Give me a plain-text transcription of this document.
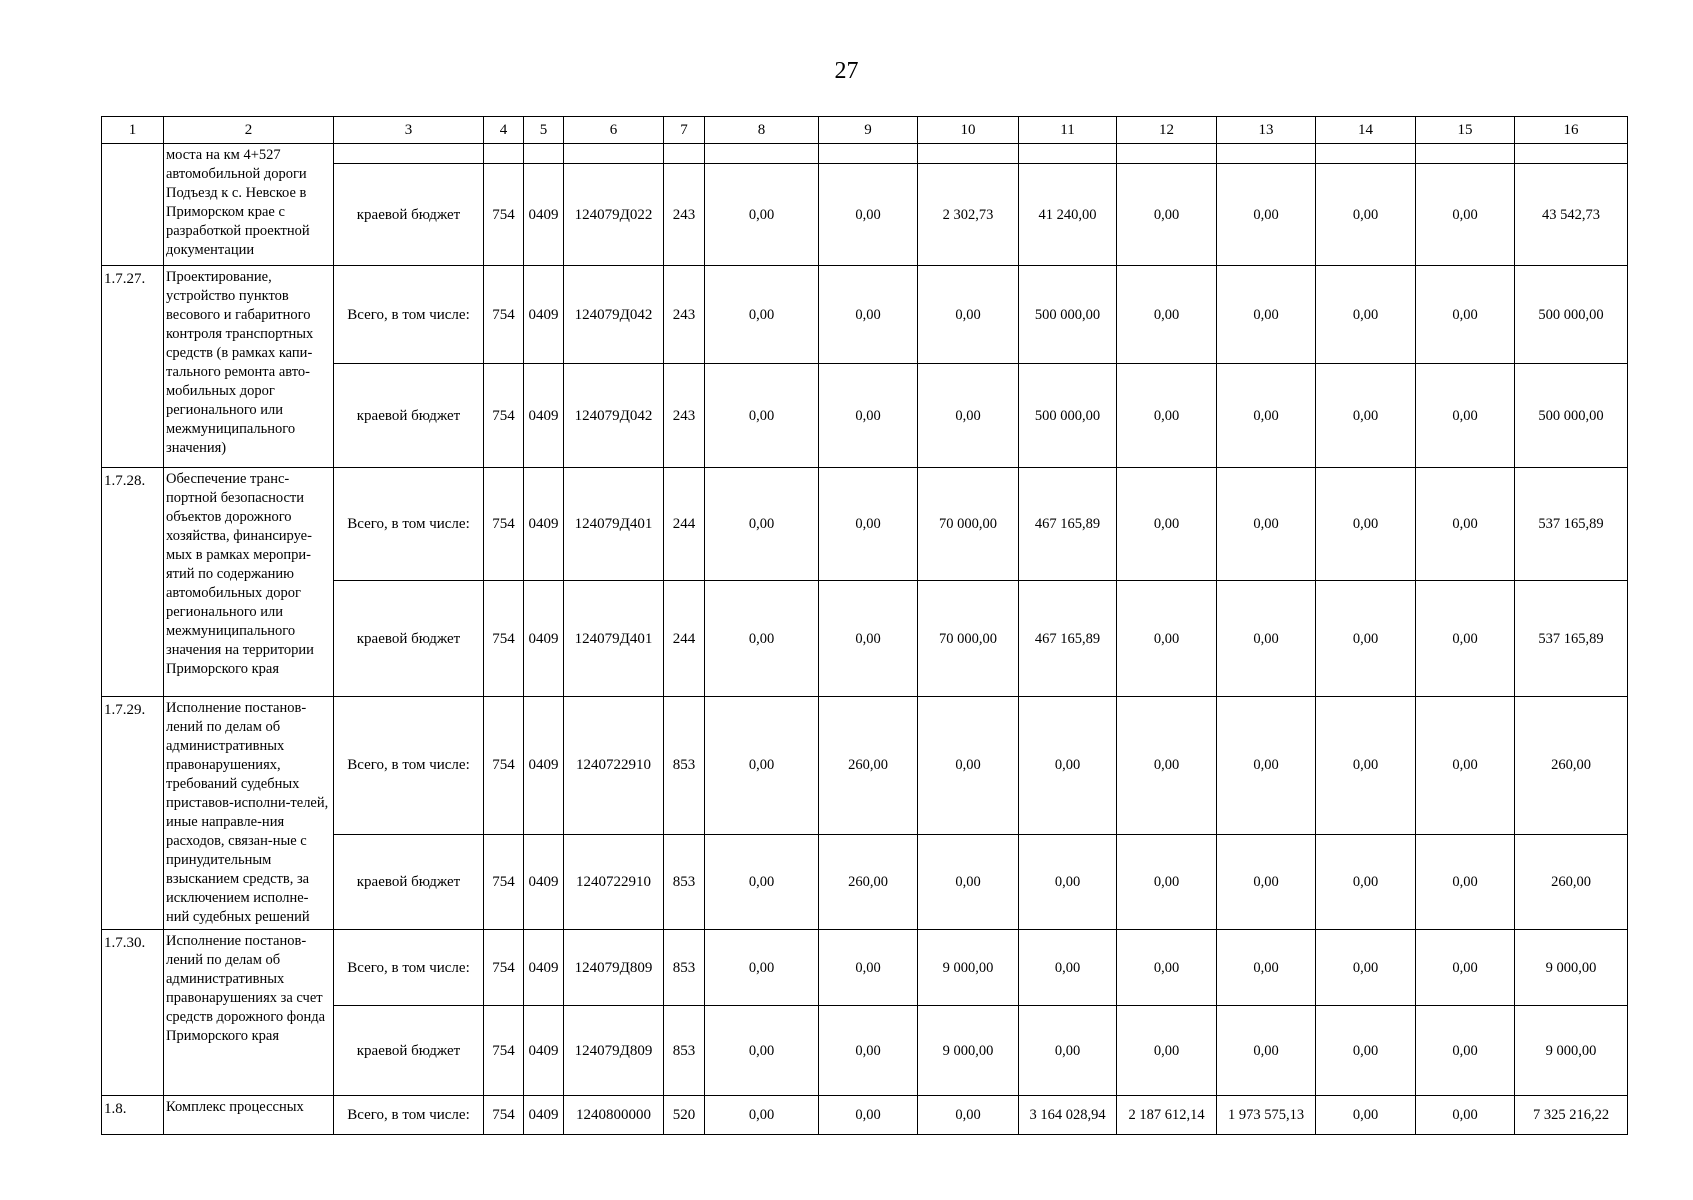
27
1	2	3	4	5	6	7	8	9	10	11	12	13	14	15	16
	моста на км 4+527 автомобильной дороги Подъезд к с. Невское в Приморском крае с разработкой проектной документации														
		краевой бюджет	754	0409	124079Д022	243	0,00	0,00	2 302,73	41 240,00	0,00	0,00	0,00	0,00	43 542,73
1.7.27.	Проектирование, устройство пунктов весового и габаритного контроля транспортных средств (в рамках капи-тального ремонта авто-мобильных дорог регионального или межмуниципального значения)	Всего, в том числе:	754	0409	124079Д042	243	0,00	0,00	0,00	500 000,00	0,00	0,00	0,00	0,00	500 000,00
		краевой бюджет	754	0409	124079Д042	243	0,00	0,00	0,00	500 000,00	0,00	0,00	0,00	0,00	500 000,00
1.7.28.	Обеспечение транс-портной безопасности объектов дорожного хозяйства, финансируе-мых в рамках меропри-ятий по содержанию автомобильных дорог регионального или межмуниципального значения на территории Приморского края	Всего, в том числе:	754	0409	124079Д401	244	0,00	0,00	70 000,00	467 165,89	0,00	0,00	0,00	0,00	537 165,89
		краевой бюджет	754	0409	124079Д401	244	0,00	0,00	70 000,00	467 165,89	0,00	0,00	0,00	0,00	537 165,89
1.7.29.	Исполнение постанов-лений по делам об административных правонарушениях, требований судебных приставов-исполни-телей, иные направле-ния расходов, связан-ные с принудительным взысканием средств, за исключением исполне-ний судебных решений	Всего, в том числе:	754	0409	1240722910	853	0,00	260,00	0,00	0,00	0,00	0,00	0,00	0,00	260,00
		краевой бюджет	754	0409	1240722910	853	0,00	260,00	0,00	0,00	0,00	0,00	0,00	0,00	260,00
1.7.30.	Исполнение постанов-лений по делам об административных правонарушениях за счет средств дорожного фонда Приморского края	Всего, в том числе:	754	0409	124079Д809	853	0,00	0,00	9 000,00	0,00	0,00	0,00	0,00	0,00	9 000,00
		краевой бюджет	754	0409	124079Д809	853	0,00	0,00	9 000,00	0,00	0,00	0,00	0,00	0,00	9 000,00
1.8.	Комплекс процессных	Всего, в том числе:	754	0409	1240800000	520	0,00	0,00	0,00	3 164 028,94	2 187 612,14	1 973 575,13	0,00	0,00	7 325 216,22
